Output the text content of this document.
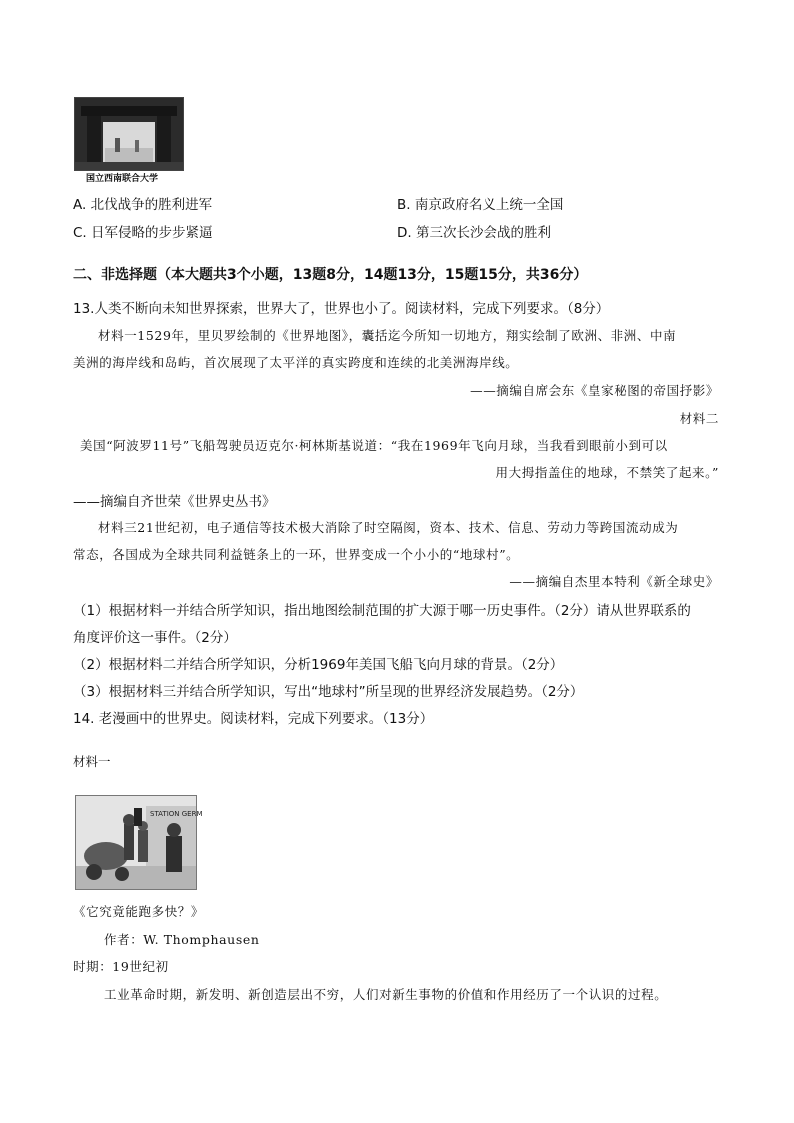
国立西南联合大学
A. 北伐战争的胜利进军	B. 南京政府名义上统一全国
C. 日军侵略的步步紧逼	D. 第三次长沙会战的胜利
二、非选择题（本大题共3个小题，13题8分，14题13分，15题15分，共36分）
13.人类不断向未知世界探索，世界大了，世界也小了。阅读材料，完成下列要求。（8分）
材料一1529年，里贝罗绘制的《世界地图》，囊括迄今所知一切地方，翔实绘制了欧洲、非洲、中南
美洲的海岸线和岛屿，首次展现了太平洋的真实跨度和连续的北美洲海岸线。
——摘编自席会东《皇家秘图的帝国抒影》
材料二
美国“阿波罗11号”飞船驾驶员迈克尔·柯林斯基说道：“我在1969年飞向月球，当我看到眼前小到可以
用大拇指盖住的地球，不禁笑了起来。”
——摘编自齐世荣《世界史丛书》
材料三21世纪初，电子通信等技术极大消除了时空隔阂，资本、技术、信息、劳动力等跨国流动成为
常态，各国成为全球共同利益链条上的一环，世界变成一个小小的“地球村”。
——摘编自杰里本特利《新全球史》
（1）根据材料一并结合所学知识，指出地图绘制范围的扩大源于哪一历史事件。（2分）请从世界联系的
角度评价这一事件。（2分）
（2）根据材料二并结合所学知识，分析1969年美国飞船飞向月球的背景。（2分）
（3）根据材料三并结合所学知识，写出“地球村”所呈现的世界经济发展趋势。（2分）
14. 老漫画中的世界史。阅读材料，完成下列要求。（13分）
材料一
STATION GERM
《它究竟能跑多快？》
作者：W. Thomphausen
时期：19世纪初
工业革命时期，新发明、新创造层出不穷，人们对新生事物的价值和作用经历了一个认识的过程。
